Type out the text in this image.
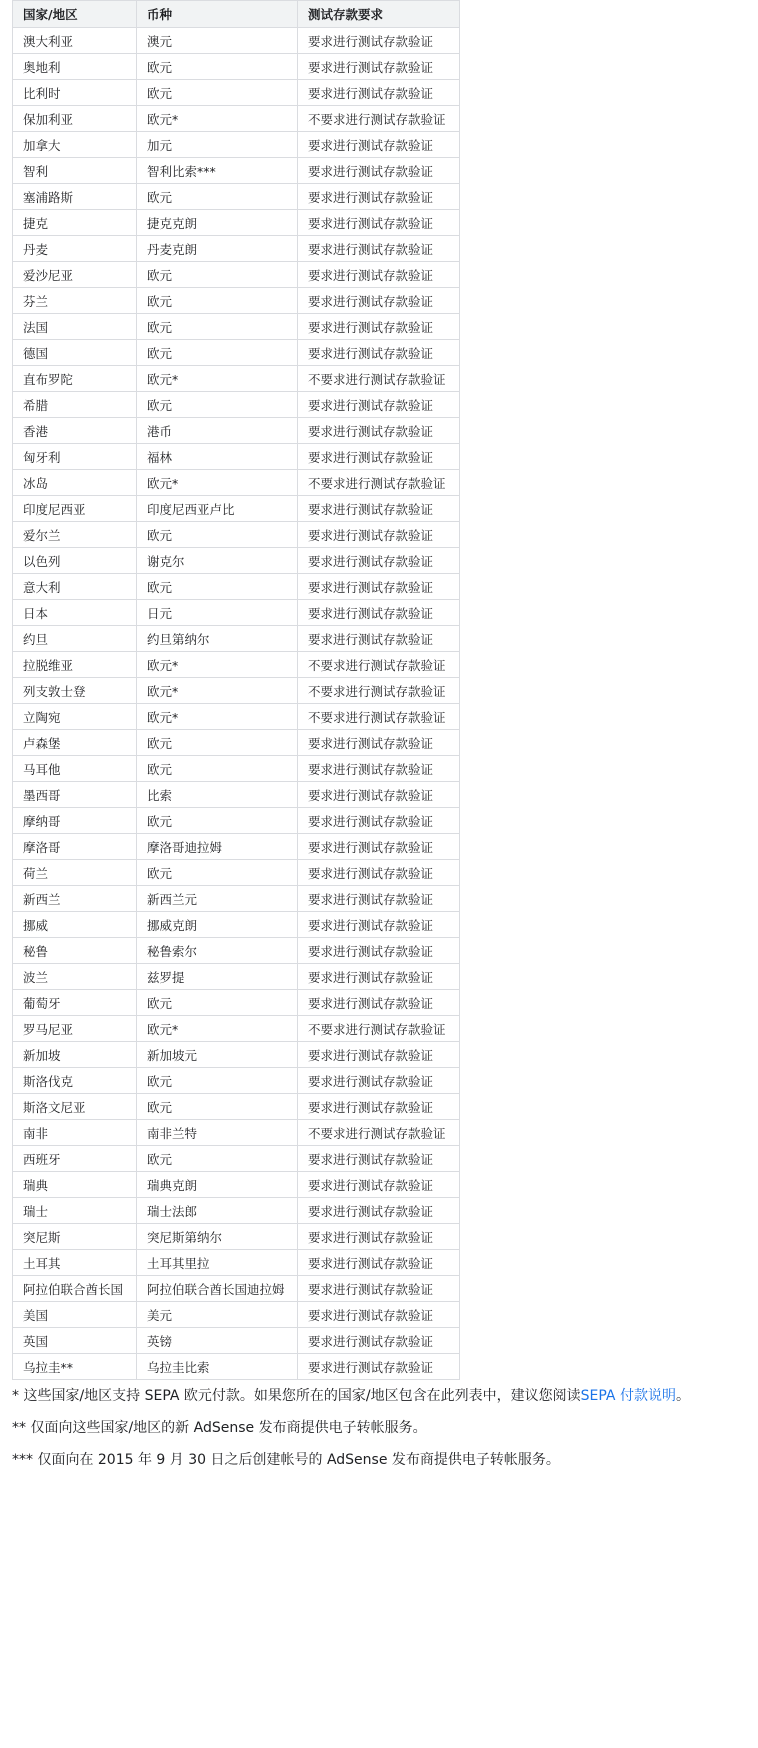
国家/地区	币种	测试存款要求
澳大利亚	澳元	要求进行测试存款验证
奥地利	欧元	要求进行测试存款验证
比利时	欧元	要求进行测试存款验证
保加利亚	欧元*	不要求进行测试存款验证
加拿大	加元	要求进行测试存款验证
智利	智利比索***	要求进行测试存款验证
塞浦路斯	欧元	要求进行测试存款验证
捷克	捷克克朗	要求进行测试存款验证
丹麦	丹麦克朗	要求进行测试存款验证
爱沙尼亚	欧元	要求进行测试存款验证
芬兰	欧元	要求进行测试存款验证
法国	欧元	要求进行测试存款验证
德国	欧元	要求进行测试存款验证
直布罗陀	欧元*	不要求进行测试存款验证
希腊	欧元	要求进行测试存款验证
香港	港币	要求进行测试存款验证
匈牙利	福林	要求进行测试存款验证
冰岛	欧元*	不要求进行测试存款验证
印度尼西亚	印度尼西亚卢比	要求进行测试存款验证
爱尔兰	欧元	要求进行测试存款验证
以色列	谢克尔	要求进行测试存款验证
意大利	欧元	要求进行测试存款验证
日本	日元	要求进行测试存款验证
约旦	约旦第纳尔	要求进行测试存款验证
拉脱维亚	欧元*	不要求进行测试存款验证
列支敦士登	欧元*	不要求进行测试存款验证
立陶宛	欧元*	不要求进行测试存款验证
卢森堡	欧元	要求进行测试存款验证
马耳他	欧元	要求进行测试存款验证
墨西哥	比索	要求进行测试存款验证
摩纳哥	欧元	要求进行测试存款验证
摩洛哥	摩洛哥迪拉姆	要求进行测试存款验证
荷兰	欧元	要求进行测试存款验证
新西兰	新西兰元	要求进行测试存款验证
挪威	挪威克朗	要求进行测试存款验证
秘鲁	秘鲁索尔	要求进行测试存款验证
波兰	兹罗提	要求进行测试存款验证
葡萄牙	欧元	要求进行测试存款验证
罗马尼亚	欧元*	不要求进行测试存款验证
新加坡	新加坡元	要求进行测试存款验证
斯洛伐克	欧元	要求进行测试存款验证
斯洛文尼亚	欧元	要求进行测试存款验证
南非	南非兰特	不要求进行测试存款验证
西班牙	欧元	要求进行测试存款验证
瑞典	瑞典克朗	要求进行测试存款验证
瑞士	瑞士法郎	要求进行测试存款验证
突尼斯	突尼斯第纳尔	要求进行测试存款验证
土耳其	土耳其里拉	要求进行测试存款验证
阿拉伯联合酋长国	阿拉伯联合酋长国迪拉姆	要求进行测试存款验证
美国	美元	要求进行测试存款验证
英国	英镑	要求进行测试存款验证
乌拉圭**	乌拉圭比索	要求进行测试存款验证

* 这些国家/地区支持 SEPA 欧元付款。如果您所在的国家/地区包含在此列表中，建议您阅读SEPA 付款说明。

** 仅面向这些国家/地区的新 AdSense 发布商提供电子转帐服务。

*** 仅面向在 2015 年 9 月 30 日之后创建帐号的 AdSense 发布商提供电子转帐服务。
